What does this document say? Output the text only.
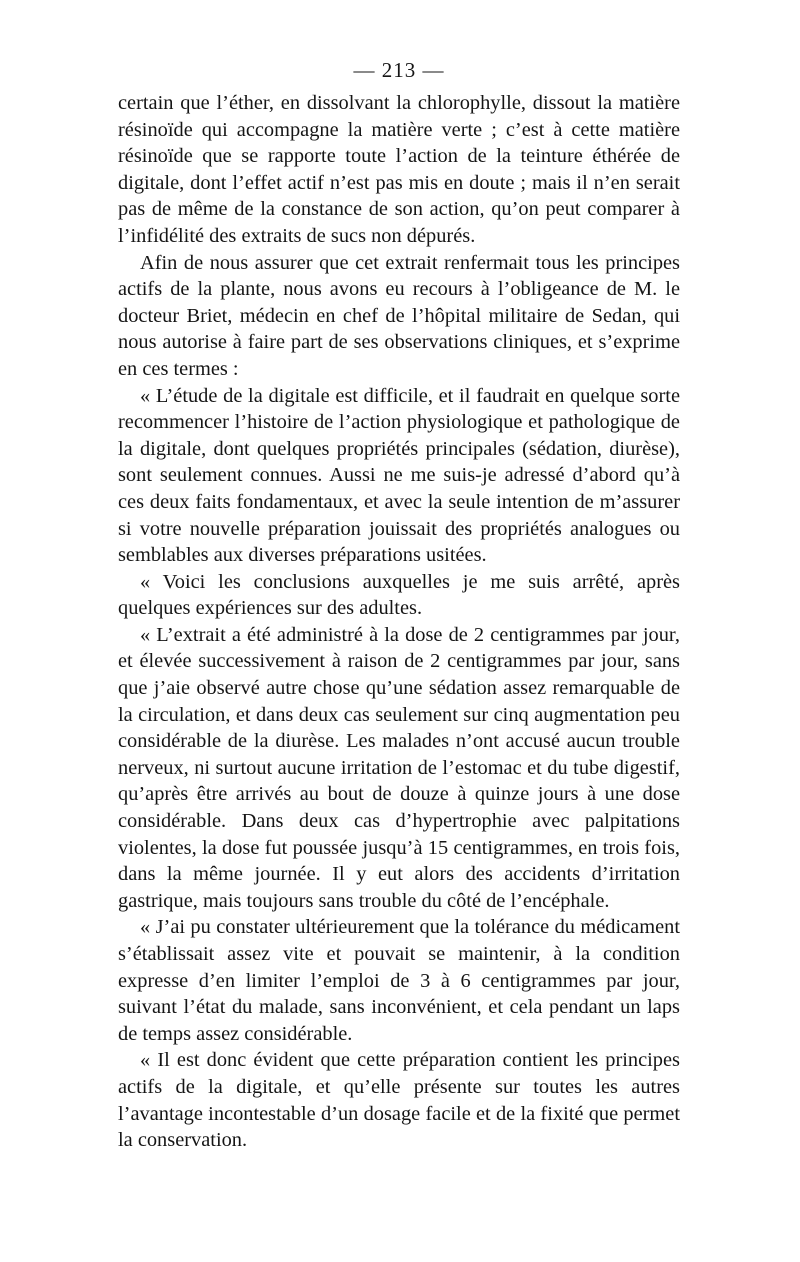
— 213 —

certain que l’éther, en dissolvant la chlorophylle, dissout la matière résinoïde qui accompagne la matière verte ; c’est à cette matière résinoïde que se rapporte toute l’action de la teinture éthérée de digitale, dont l’effet actif n’est pas mis en doute ; mais il n’en serait pas de même de la constance de son action, qu’on peut comparer à l’infidélité des extraits de sucs non dépurés.

Afin de nous assurer que cet extrait renfermait tous les principes actifs de la plante, nous avons eu recours à l’obligeance de M. le docteur Briet, médecin en chef de l’hôpital militaire de Sedan, qui nous autorise à faire part de ses observations cliniques, et s’exprime en ces termes :

« L’étude de la digitale est difficile, et il faudrait en quelque sorte recommencer l’histoire de l’action physiologique et pathologique de la digitale, dont quelques propriétés principales (sédation, diurèse), sont seulement connues. Aussi ne me suis-je adressé d’abord qu’à ces deux faits fondamentaux, et avec la seule intention de m’assurer si votre nouvelle préparation jouissait des propriétés analogues ou semblables aux diverses préparations usitées.

« Voici les conclusions auxquelles je me suis arrêté, après quelques expériences sur des adultes.

« L’extrait a été administré à la dose de 2 centigrammes par jour, et élevée successivement à raison de 2 centigrammes par jour, sans que j’aie observé autre chose qu’une sédation assez remarquable de la circulation, et dans deux cas seulement sur cinq augmentation peu considérable de la diurèse. Les malades n’ont accusé aucun trouble nerveux, ni surtout aucune irritation de l’estomac et du tube digestif, qu’après être arrivés au bout de douze à quinze jours à une dose considérable. Dans deux cas d’hypertrophie avec palpitations violentes, la dose fut poussée jusqu’à 15 centigrammes, en trois fois, dans la même journée. Il y eut alors des accidents d’irritation gastrique, mais toujours sans trouble du côté de l’encéphale.

« J’ai pu constater ultérieurement que la tolérance du médicament s’établissait assez vite et pouvait se maintenir, à la condition expresse d’en limiter l’emploi de 3 à 6 centigrammes par jour, suivant l’état du malade, sans inconvénient, et cela pendant un laps de temps assez considérable.

« Il est donc évident que cette préparation contient les principes actifs de la digitale, et qu’elle présente sur toutes les autres l’avantage incontestable d’un dosage facile et de la fixité que permet la conservation.
